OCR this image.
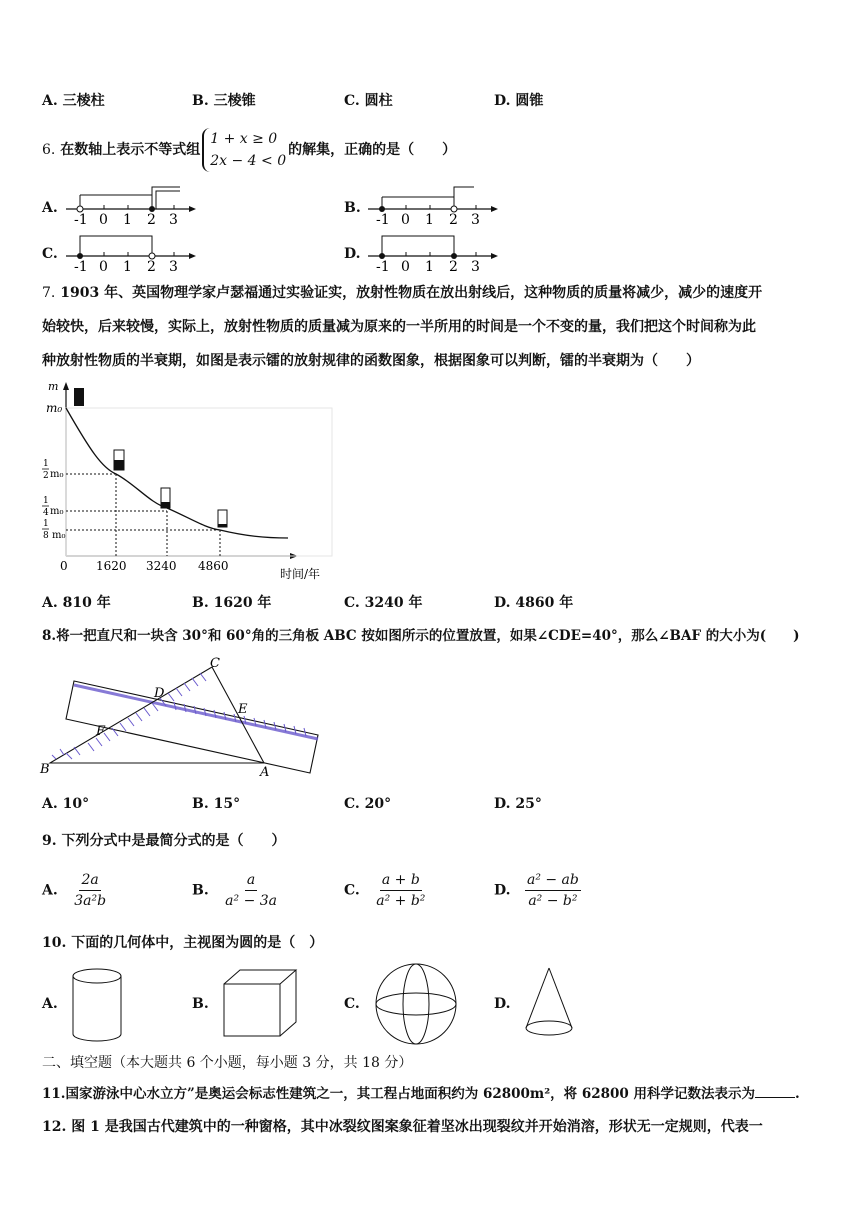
A. 三棱柱	B. 三棱锥	C. 圆柱	D. 圆锥
6. 在数轴上表示不等式组1 + x ≥ 0
2x − 4 < 0的解集，正确的是（　　）
A.
-1 0 1 2 3
B.
-1 0 1 2 3
C.
-1 0 1 2 3
D.
-1 0 1 2 3
7. 1903 年、英国物理学家卢瑟福通过实验证实，放射性物质在放出射线后，这种物质的质量将减少，减少的速度开
始较快，后来较慢，实际上，放射性物质的质量减为原来的一半所用的时间是一个不变的量，我们把这个时间称为此
种放射性物质的半衰期，如图是表示镭的放射规律的函数图象，根据图象可以判断，镭的半衰期为（　　）
m
m₀
1
2 m₀
1
4 m₀
1
8 m₀
0 1620 3240 4860
时间/年
A. 810 年	B. 1620 年	C. 3240 年	D. 4860 年
8.将一把直尺和一块含 30°和 60°角的三角板 ABC 按如图所示的位置放置，如果∠CDE=40°，那么∠BAF 的大小为(　　)
C
D
E
F
B	A
A. 10°	B. 15°	C. 20°	D. 25°
9. 下列分式中是最简分式的是（　　）
A. $\frac{2a}{\text{3a²b}}$	B. $\frac{a}{\text{a² − 3a}}$	C. $\frac{a + b}{\text{a² + b²}}$	D. $\frac{\text{a² − ab}}{\text{a² − b²}}$
10. 下面的几何体中，主视图为圆的是（　）
A.	B.	C.	D.
二、填空题（本大题共 6 个小题，每小题 3 分，共 18 分）
11.国家游泳中心水立方”是奥运会标志性建筑之一，其工程占地面积约为 62800m²，将 62800 用科学记数法表示为	.
12. 图 1 是我国古代建筑中的一种窗格，其中冰裂纹图案象征着坚冰出现裂纹并开始消溶，形状无一定规则，代表一
